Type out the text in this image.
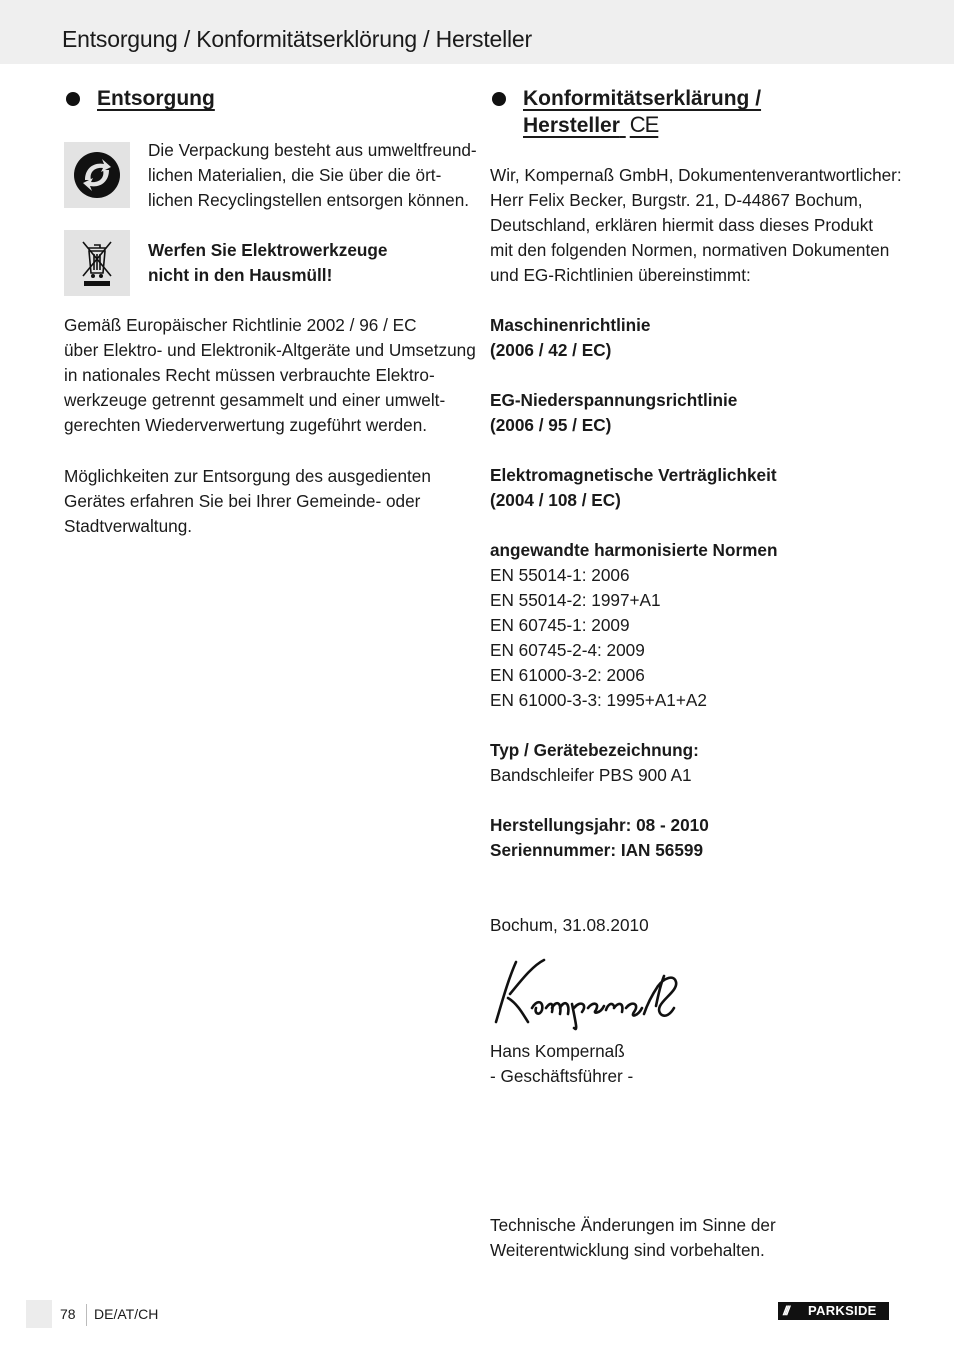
Entsorgung / Konformitätserklörung / Hersteller
Entsorgung
Die Verpackung besteht aus umweltfreund-
lichen Materialien, die Sie über die ört-
lichen Recyclingstellen entsorgen können.
Werfen Sie Elektrowerkzeuge
nicht in den Hausmüll!
Gemäß Europäischer Richtlinie 2002 / 96 / EC
über Elektro- und Elektronik-Altgeräte und Umsetzung
in nationales Recht müssen verbrauchte Elektro-
werkzeuge getrennt gesammelt und einer umwelt-
gerechten Wiederverwertung zugeführt werden.
Möglichkeiten zur Entsorgung des ausgedienten
Gerätes erfahren Sie bei Ihrer Gemeinde- oder
Stadtverwaltung.
Konformitätserklärung /
Hersteller CE
Wir, Kompernaß GmbH, Dokumentenverantwortlicher:
Herr Felix Becker, Burgstr. 21, D-44867 Bochum,
Deutschland, erklären hiermit dass dieses Produkt
mit den folgenden Normen, normativen Dokumenten
und EG-Richtlinien übereinstimmt:
Maschinenrichtlinie
(2006 / 42 / EC)
EG-Niederspannungsrichtlinie
(2006 / 95 / EC)
Elektromagnetische Verträglichkeit
(2004 / 108 / EC)
angewandte harmonisierte Normen
EN 55014-1: 2006
EN 55014-2: 1997+A1
EN 60745-1: 2009
EN 60745-2-4: 2009
EN 61000-3-2: 2006
EN 61000-3-3: 1995+A1+A2
Typ / Gerätebezeichnung:
Bandschleifer PBS 900 A1
Herstellungsjahr: 08 - 2010
Seriennummer: IAN 56599
Bochum, 31.08.2010
Hans Kompernaß
- Geschäftsführer -
Technische Änderungen im Sinne der
Weiterentwicklung sind vorbehalten.
78 DE/AT/CH	/// PARKSIDE
